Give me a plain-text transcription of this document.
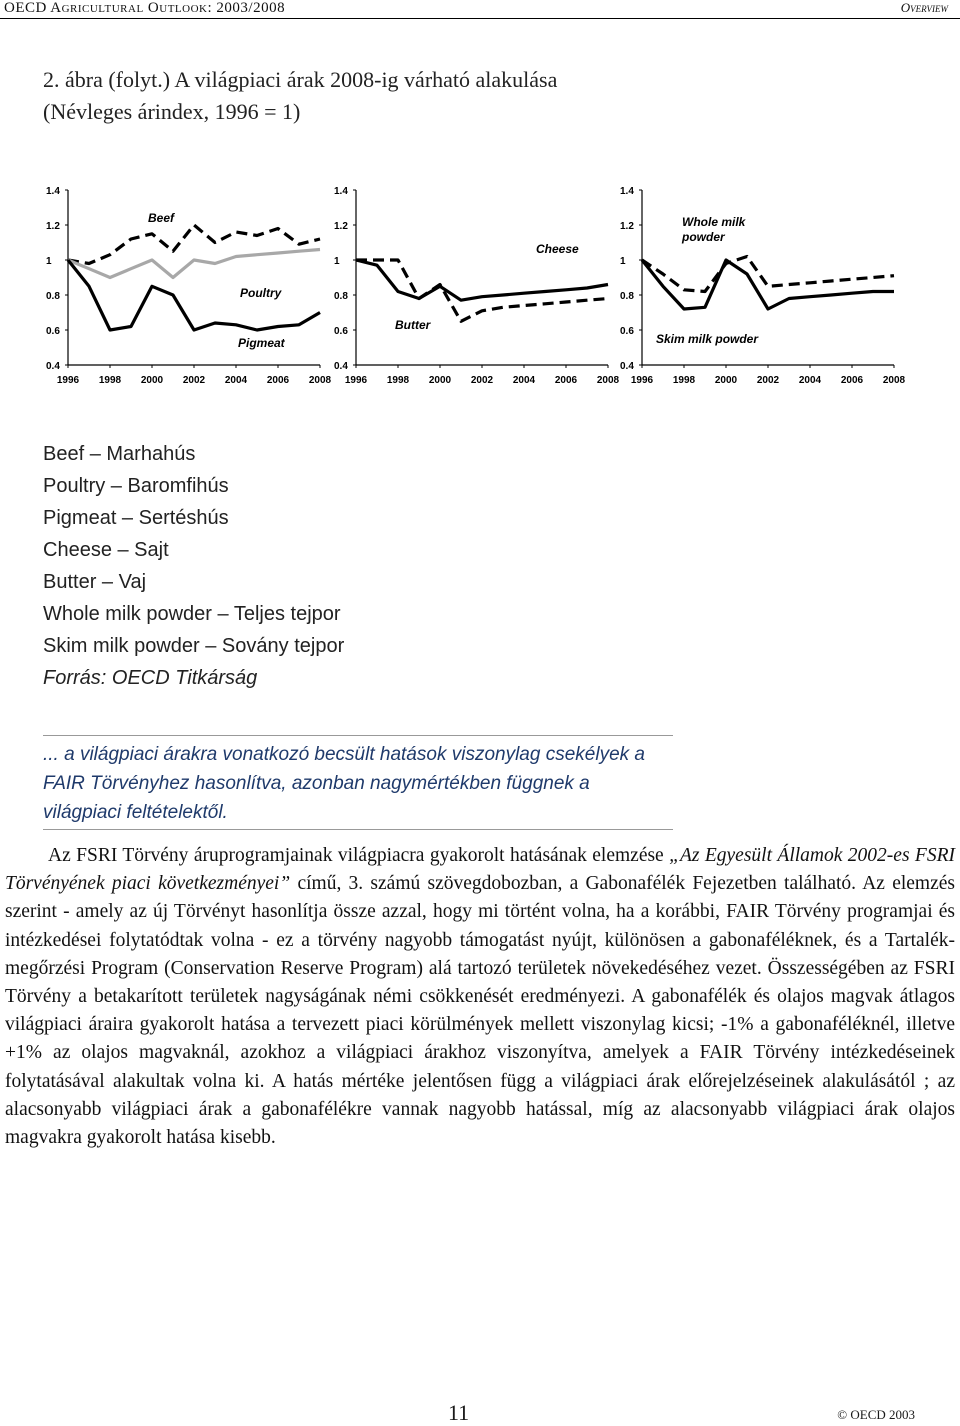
OECD Agricultural Outlook: 2003/2008	Overview
2. ábra (folyt.) A világpiaci árak 2008-ig várható alakulása
(Névleges árindex, 1996 = 1)
0.4
0.6
0.8
1
1.2
1.4
1996 1998 2000 2002 2004 2006 2008
Beef
Poultry
Pigmeat
0.4
0.6
0.8
1
1.2
1.4
1996 1998 2000 2002 2004 2006 2008
Cheese
Butter
0.4
0.6
0.8
1
1.2
1.4
1996 1998 2000 2002 2004 2006 2008
Whole milk
powder
Skim milk powder
Beef – Marhahús
Poultry – Baromfihús
Pigmeat – Sertéshús
Cheese – Sajt
Butter – Vaj
Whole milk powder – Teljes tejpor
Skim milk powder – Sovány tejpor
Forrás: OECD Titkárság

... a világpiaci árakra vonatkozó becsült hatások viszonylag csekélyek a FAIR Törvényhez hasonlítva, azonban nagymértékben függnek a világpiaci feltételektől.

Az FSRI Törvény áruprogramjainak világpiacra gyakorolt hatásának elemzése „Az Egyesült Államok 2002-es FSRI Törvényének piaci következményei” című, 3. számú szövegdobozban, a Gabonafélék Fejezetben található. Az elemzés szerint - amely az új Törvényt hasonlítja össze azzal, hogy mi történt volna, ha a korábbi, FAIR Törvény programjai és intézkedései folytatódtak volna - ez a törvény nagyobb támogatást nyújt, különösen a gabonaféléknek, és a Tartalék-megőrzési Program (Conservation Reserve Program) alá tartozó területek növekedéséhez vezet. Összességében az FSRI Törvény a betakarított területek nagyságának némi csökkenését eredményezi. A gabonafélék és olajos magvak átlagos világpiaci áraira gyakorolt hatása a tervezett piaci körülmények mellett viszonylag kicsi; -1% a gabonaféléknél, illetve +1% az olajos magvaknál, azokhoz a világpiaci árakhoz viszonyítva, amelyek a FAIR Törvény intézkedéseinek folytatásával alakultak volna ki. A hatás mértéke jelentősen függ a világpiaci árak előrejelzéseinek alakulásától ; az alacsonyabb világpiaci árak a gabonafélékre vannak nagyobb hatással, míg az alacsonyabb világpiaci árak olajos magvakra gyakorolt hatása kisebb.

11	© OECD 2003
